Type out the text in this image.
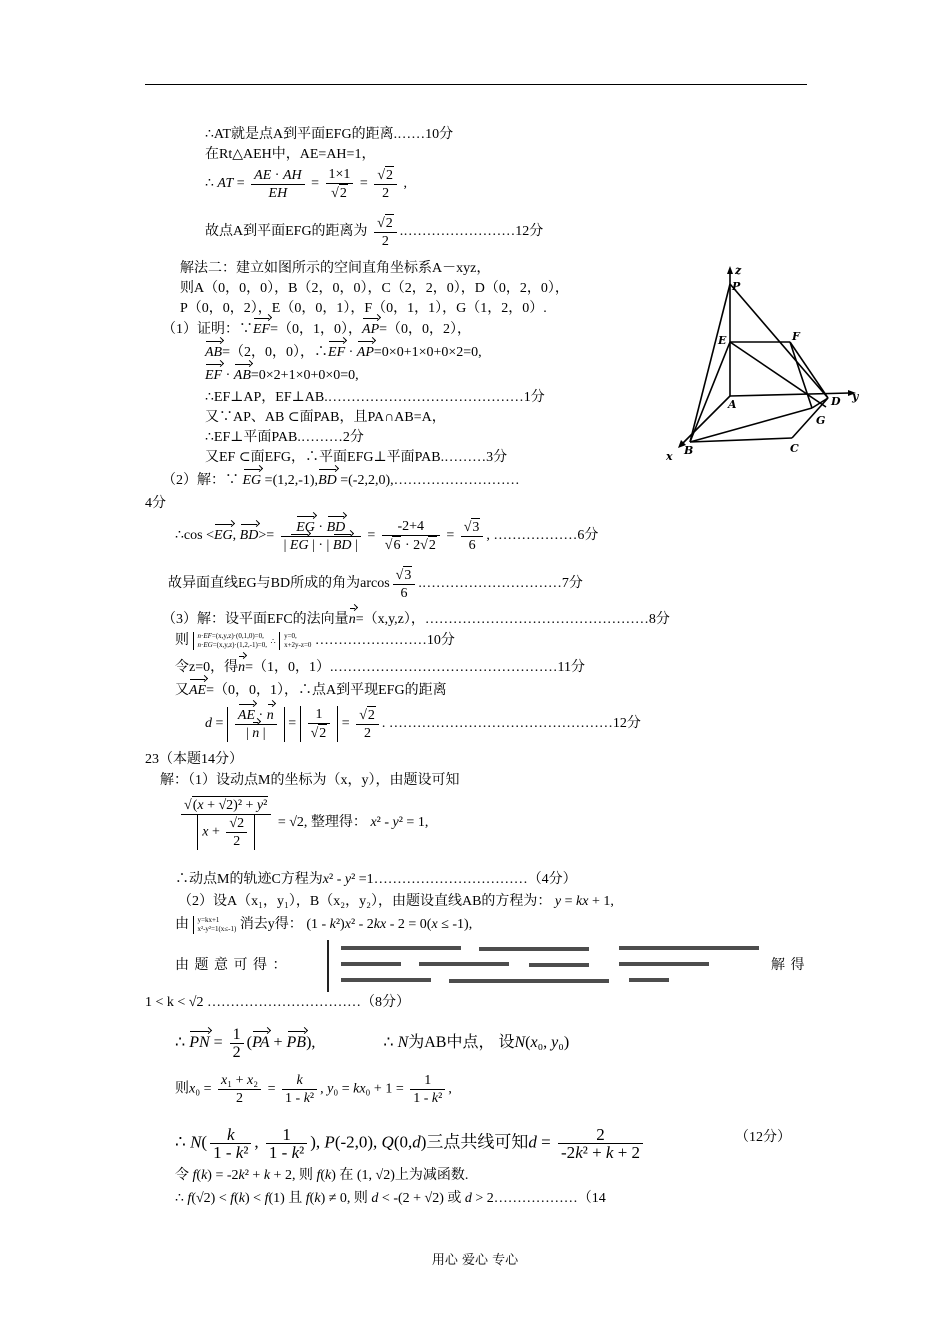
∴AT就是点A到平面EFG的距离.……10分
在Rt△AEH中，AE=AH=1，
∴ AT = $\frac{AE \cdot AH}{EH} = \frac{1\times 1}{√2} = \frac{√2}{2}$ ,
故点A到平面EFG的距离为 $\frac{√2}{2}$ .……………………12分
解法二：建立如图所示的空间直角坐标系A－xyz，
则A（0，0，0），B（2，0，0），C（2，2，0），D（0，2，0），
P（0，0，2），E（0，0，1），F（0，1，1），G（1，2，0）.
（1）证明：∵EF=（0，1，0），AP=（0，0，2），
AB=（2，0，0），∴EF · AP=0×0+1×0+0×2=0,
EF · AB=0×2+1×0+0×0=0,
∴EF⊥AP，EF⊥AB.……………………………………1分
又∵AP、AB ⊂面PAB，且PA∩AB=A，
∴EF⊥平面PAB.………2分
又EF ⊂面EFG，∴平面EFG⊥平面PAB.………3分
（2）解：∵ EG =(1,2,-1),BD =(-2,2,0),………………………
4分
∴cos <EG, $BD>= \frac{EG \cdot BD}{| EG | \cdot | BD |} = \frac{-2+4}{√6 \cdot 2√2} = \frac{√3}{6}$ , ………………6分
故异面直线EG与BD所成的角为arcos $\frac{√3}{6}$ .…………………………7分
（3）解：设平面EFC的法向量n=（x,y,z），…………………………………………8分
则 n·EF=(x,y,z)·(0,1,0)=0,
n·EG=(x,y,z)·(1,2,-1)=0, ∴ y=0,
x+2y-z=0 ……………………10分
令z=0，得n=（1，0，1）.…………………………………………11分
又AE=（0，0，1），∴点A到平现EFG的距离
$d = \frac{AE \cdot n}{| n |} = \frac{1}{√2} = \frac{√2}{2}$ . …………………………………………12分
23（本题14分）
解：（1）设动点M的坐标为（x，y），由题设可知
$\frac{\text{√(x + √2)² + y²}}{x + \frac{√2}{2}} = √2$, 整理得： x² - y² = 1,
∴动点M的轨迹C方程为x² - y² =1……………………………（4分）
（2）设A（x₁，y₁），B（x₂，y₂），由题设直线AB的方程为： y = kx + 1,
由 y=kx+1
x²-y²=1(x≤-1) 消去y得： (1 - k²)x² - 2kx - 2 = 0(x ≤ -1),
由 题 意 可 得 ：	解 得
1 < k < √2 ……………………………（8分）
∴ PN = $\frac{1}{2} (PA + PB)$,	∴ N为AB中点， 设N(x₀, y₀)
则$x_0 = \frac{\text{x₁ + x₂}}{2} = \frac{k}{\text{1 - k²}}$ , $y_0 = kx_0 + 1 = \frac{1}{\text{1 - k²}}$ ,
∴ $N( \frac{k}{\text{1 - k²}}$ , $\frac{1}{\text{1 - k²}}$ ), P(-2,0), Q(0,d)三点共线可知$d = \frac{2}{\text{-2k² + k + 2}}$	（12分）
令 f(k) = -2k² + k + 2, 则 f(k) 在 (1, √2)上为减函数.
∴ f(√2) < f(k) < f(1) 且 f(k) ≠ 0, 则 d < -(2 + √2) 或 d > 2………………（14
z
P
E	F
A
y
D
G
C
B
x
用心 爱心 专心
